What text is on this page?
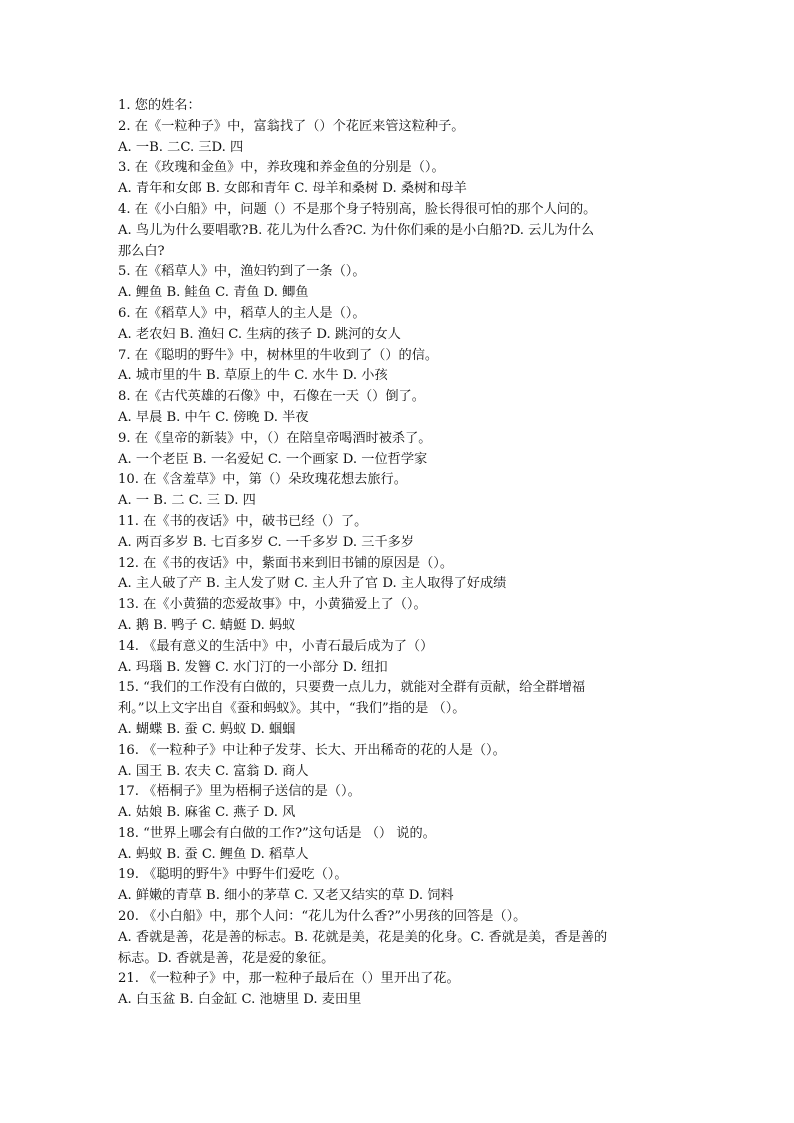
1. 您的姓名：
2. 在《一粒种子》中，富翁找了（）个花匠来管这粒种子。
A. 一B. 二C. 三D. 四
3. 在《玫瑰和金鱼》中，养玫瑰和养金鱼的分别是（）。
A. 青年和女郎 B. 女郎和青年 C. 母羊和桑树 D. 桑树和母羊
4. 在《小白船》中，问题（）不是那个身子特别高，脸长得很可怕的那个人问的。
A. 鸟儿为什么要唱歌?B. 花儿为什么香?C. 为什你们乘的是小白船?D. 云儿为什么
那么白?
5. 在《稻草人》中，渔妇钓到了一条（）。
A. 鲤鱼 B. 鲑鱼 C. 青鱼 D. 鲫鱼
6. 在《稻草人》中，稻草人的主人是（）。
A. 老农妇 B. 渔妇 C. 生病的孩子 D. 跳河的女人
7. 在《聪明的野牛》中，树林里的牛收到了（）的信。
A. 城市里的牛 B. 草原上的牛 C. 水牛 D. 小孩
8. 在《古代英雄的石像》中，石像在一天（）倒了。
A. 早晨 B. 中午 C. 傍晚 D. 半夜
9. 在《皇帝的新装》中，（）在陪皇帝喝酒时被杀了。
A. 一个老臣 B. 一名爱妃 C. 一个画家 D. 一位哲学家
10. 在《含羞草》中，第（）朵玫瑰花想去旅行。
A. 一 B. 二 C. 三 D. 四
11. 在《书的夜话》中，破书已经（）了。
A. 两百多岁 B. 七百多岁 C. 一千多岁 D. 三千多岁
12. 在《书的夜话》中，紫面书来到旧书铺的原因是（）。
A. 主人破了产 B. 主人发了财 C. 主人升了官 D. 主人取得了好成绩
13. 在《小黄猫的恋爱故事》中，小黄猫爱上了（）。
A. 鹅 B. 鸭子 C. 蜻蜓 D. 蚂蚁
14. 《最有意义的生活中》中，小青石最后成为了（）
A. 玛瑙 B. 发簪 C. 水门汀的一小部分 D. 纽扣
15. “我们的工作没有白做的，只要费一点儿力，就能对全群有贡献，给全群增福
利。”以上文字出自《蚕和蚂蚁》。其中，“我们”指的是 （）。
A. 蝴蝶 B. 蚕 C. 蚂蚁 D. 蝈蝈
16. 《一粒种子》中让种子发芽、长大、开出稀奇的花的人是（）。
A. 国王 B. 农夫 C. 富翁 D. 商人
17. 《梧桐子》里为梧桐子送信的是（）。
A. 姑娘 B. 麻雀 C. 燕子 D. 风
18. “世界上哪会有白做的工作?”这句话是 （） 说的。
A. 蚂蚁 B. 蚕 C. 鲤鱼 D. 稻草人
19. 《聪明的野牛》中野牛们爱吃（）。
A. 鲜嫩的青草 B. 细小的茅草 C. 又老又结实的草 D. 饲料
20. 《小白船》中，那个人问：“花儿为什么香?”小男孩的回答是（）。
A. 香就是善，花是善的标志。B. 花就是美，花是美的化身。C. 香就是美，香是善的
标志。D. 香就是善，花是爱的象征。
21. 《一粒种子》中，那一粒种子最后在（）里开出了花。
A. 白玉盆 B. 白金缸 C. 池塘里 D. 麦田里
